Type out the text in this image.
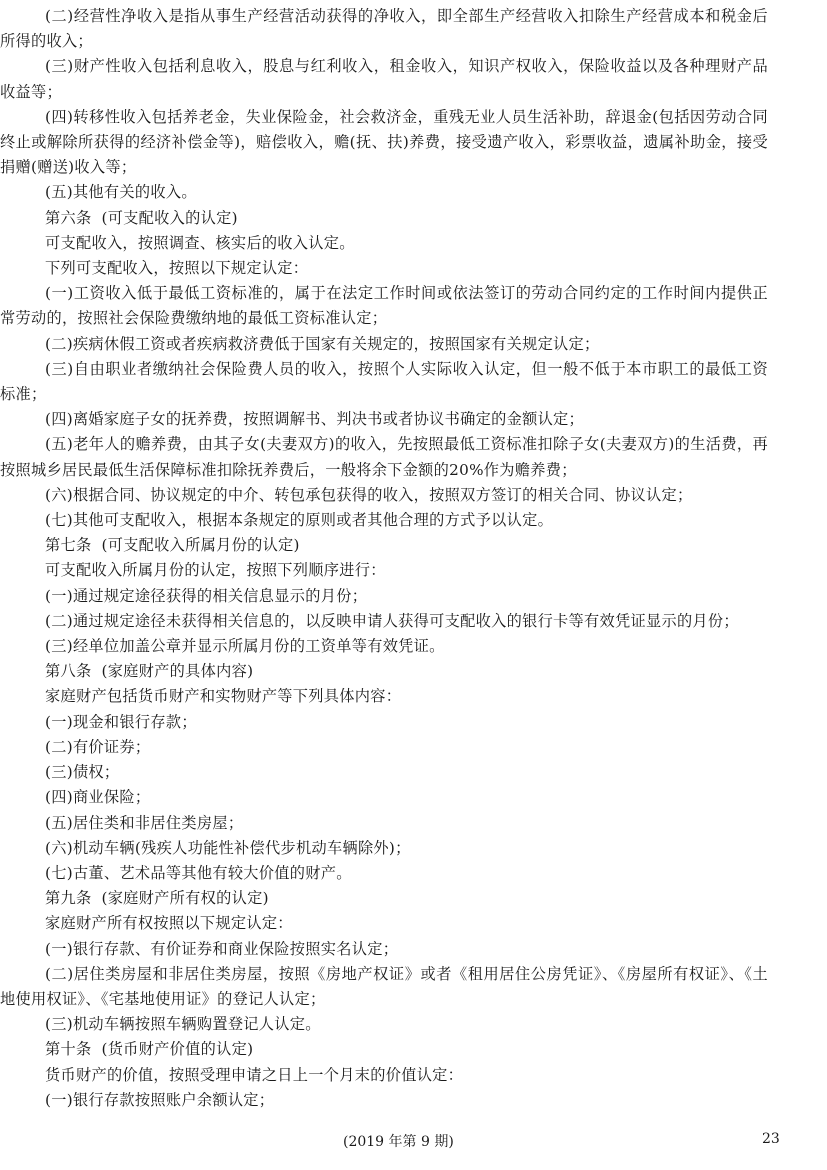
(二)经营性净收入是指从事生产经营活动获得的净收入，即全部生产经营收入扣除生产经营成本和税金后所得的收入；

(三)财产性收入包括利息收入，股息与红利收入，租金收入，知识产权收入，保险收益以及各种理财产品收益等；

(四)转移性收入包括养老金，失业保险金，社会救济金，重残无业人员生活补助，辞退金(包括因劳动合同终止或解除所获得的经济补偿金等)，赔偿收入，赡(抚、扶)养费，接受遗产收入，彩票收益，遗属补助金，接受捐赠(赠送)收入等；

(五)其他有关的收入。

第六条 (可支配收入的认定)

可支配收入，按照调查、核实后的收入认定。

下列可支配收入，按照以下规定认定：

(一)工资收入低于最低工资标准的，属于在法定工作时间或依法签订的劳动合同约定的工作时间内提供正常劳动的，按照社会保险费缴纳地的最低工资标准认定；

(二)疾病休假工资或者疾病救济费低于国家有关规定的，按照国家有关规定认定；

(三)自由职业者缴纳社会保险费人员的收入，按照个人实际收入认定，但一般不低于本市职工的最低工资标准；

(四)离婚家庭子女的抚养费，按照调解书、判决书或者协议书确定的金额认定；

(五)老年人的赡养费，由其子女(夫妻双方)的收入，先按照最低工资标准扣除子女(夫妻双方)的生活费，再按照城乡居民最低生活保障标准扣除抚养费后，一般将余下金额的20%作为赡养费；

(六)根据合同、协议规定的中介、转包承包获得的收入，按照双方签订的相关合同、协议认定；

(七)其他可支配收入，根据本条规定的原则或者其他合理的方式予以认定。

第七条 (可支配收入所属月份的认定)

可支配收入所属月份的认定，按照下列顺序进行：

(一)通过规定途径获得的相关信息显示的月份；

(二)通过规定途径未获得相关信息的，以反映申请人获得可支配收入的银行卡等有效凭证显示的月份；

(三)经单位加盖公章并显示所属月份的工资单等有效凭证。

第八条 (家庭财产的具体内容)

家庭财产包括货币财产和实物财产等下列具体内容：

(一)现金和银行存款；

(二)有价证券；

(三)债权；

(四)商业保险；

(五)居住类和非居住类房屋；

(六)机动车辆(残疾人功能性补偿代步机动车辆除外)；

(七)古董、艺术品等其他有较大价值的财产。

第九条 (家庭财产所有权的认定)

家庭财产所有权按照以下规定认定：

(一)银行存款、有价证券和商业保险按照实名认定；

(二)居住类房屋和非居住类房屋，按照《房地产权证》或者《租用居住公房凭证》、《房屋所有权证》、《土地使用权证》、《宅基地使用证》的登记人认定；

(三)机动车辆按照车辆购置登记人认定。

第十条 (货币财产价值的认定)

货币财产的价值，按照受理申请之日上一个月末的价值认定：

(一)银行存款按照账户余额认定；

(2019 年第 9 期)	23
